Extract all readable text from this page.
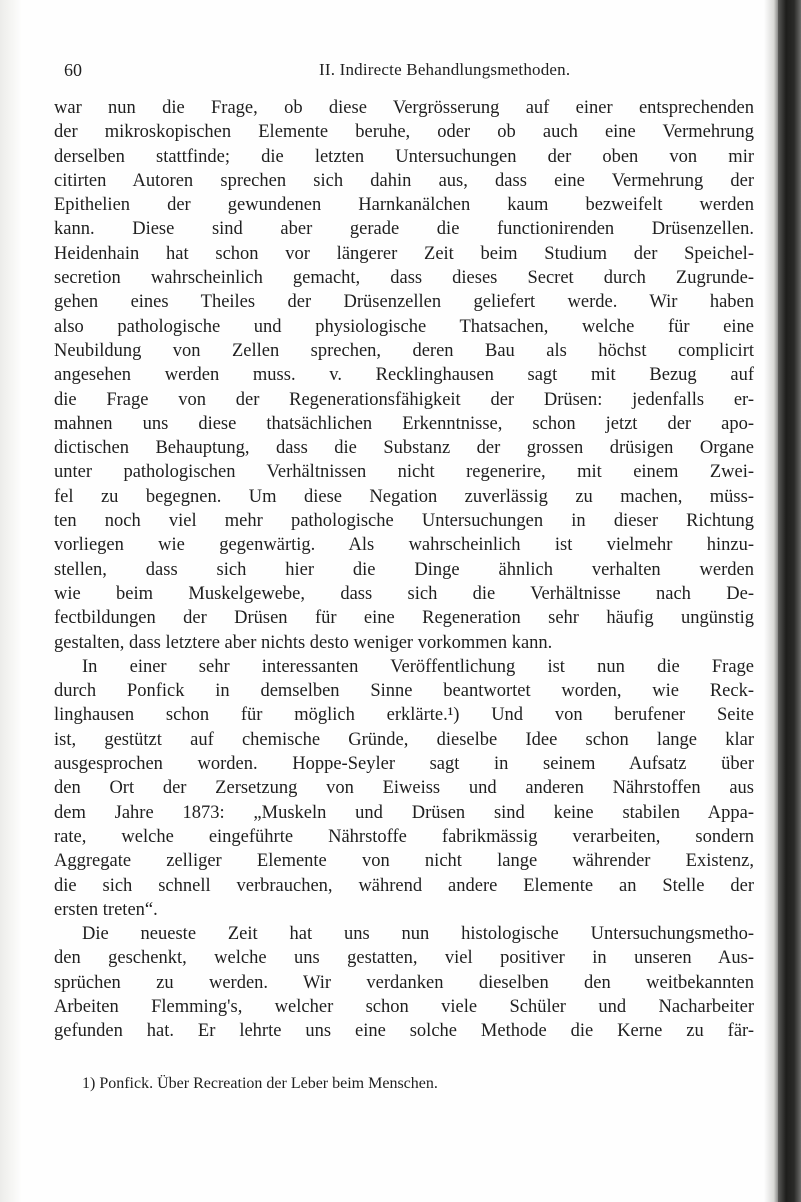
60	II. Indirecte Behandlungsmethoden.
war nun die Frage, ob diese Vergrösserung auf einer entsprechenden
der mikroskopischen Elemente beruhe, oder ob auch eine Vermehrung
derselben stattfinde; die letzten Untersuchungen der oben von mir
citirten Autoren sprechen sich dahin aus, dass eine Vermehrung der
Epithelien der gewundenen Harnkanälchen kaum bezweifelt werden
kann. Diese sind aber gerade die functionirenden Drüsenzellen.
Heidenhain hat schon vor längerer Zeit beim Studium der Speichel-
secretion wahrscheinlich gemacht, dass dieses Secret durch Zugrunde-
gehen eines Theiles der Drüsenzellen geliefert werde. Wir haben
also pathologische und physiologische Thatsachen, welche für eine
Neubildung von Zellen sprechen, deren Bau als höchst complicirt
angesehen werden muss. v. Recklinghausen sagt mit Bezug auf
die Frage von der Regenerationsfähigkeit der Drüsen: jedenfalls er-
mahnen uns diese thatsächlichen Erkenntnisse, schon jetzt der apo-
dictischen Behauptung, dass die Substanz der grossen drüsigen Organe
unter pathologischen Verhältnissen nicht regenerire, mit einem Zwei-
fel zu begegnen. Um diese Negation zuverlässig zu machen, müss-
ten noch viel mehr pathologische Untersuchungen in dieser Richtung
vorliegen wie gegenwärtig. Als wahrscheinlich ist vielmehr hinzu-
stellen, dass sich hier die Dinge ähnlich verhalten werden
wie beim Muskelgewebe, dass sich die Verhältnisse nach De-
fectbildungen der Drüsen für eine Regeneration sehr häufig ungünstig
gestalten, dass letztere aber nichts desto weniger vorkommen kann.
In einer sehr interessanten Veröffentlichung ist nun die Frage
durch Ponfick in demselben Sinne beantwortet worden, wie Reck-
linghausen schon für möglich erklärte.¹) Und von berufener Seite
ist, gestützt auf chemische Gründe, dieselbe Idee schon lange klar
ausgesprochen worden. Hoppe-Seyler sagt in seinem Aufsatz über
den Ort der Zersetzung von Eiweiss und anderen Nährstoffen aus
dem Jahre 1873: „Muskeln und Drüsen sind keine stabilen Appa-
rate, welche eingeführte Nährstoffe fabrikmässig verarbeiten, sondern
Aggregate zelliger Elemente von nicht lange währender Existenz,
die sich schnell verbrauchen, während andere Elemente an Stelle der
ersten treten“.
Die neueste Zeit hat uns nun histologische Untersuchungsmetho-
den geschenkt, welche uns gestatten, viel positiver in unseren Aus-
sprüchen zu werden. Wir verdanken dieselben den weitbekannten
Arbeiten Flemming's, welcher schon viele Schüler und Nacharbeiter
gefunden hat. Er lehrte uns eine solche Methode die Kerne zu fär-
1) Ponfick. Über Recreation der Leber beim Menschen.
